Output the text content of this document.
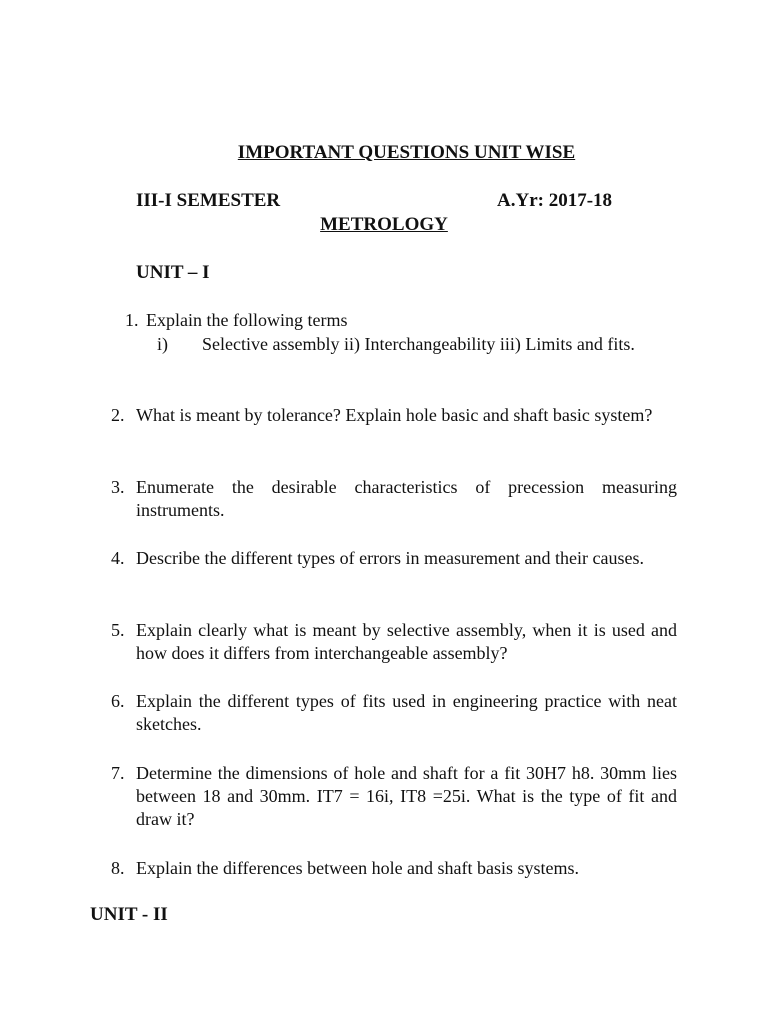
IMPORTANT QUESTIONS UNIT WISE
III-I SEMESTER	A.Yr: 2017-18
METROLOGY
UNIT – I
1. Explain the following terms
i) Selective assembly ii) Interchangeability iii) Limits and fits.
2. What is meant by tolerance? Explain hole basic and shaft basic system?
3. Enumerate the desirable characteristics of precession measuring instruments.
4. Describe the different types of errors in measurement and their causes.
5. Explain clearly what is meant by selective assembly, when it is used and how does it differs from interchangeable assembly?
6. Explain the different types of fits used in engineering practice with neat sketches.
7. Determine the dimensions of hole and shaft for a fit 30H7 h8. 30mm lies between 18 and 30mm. IT7 = 16i, IT8 =25i. What is the type of fit and draw it?
8. Explain the differences between hole and shaft basis systems.
UNIT - II
